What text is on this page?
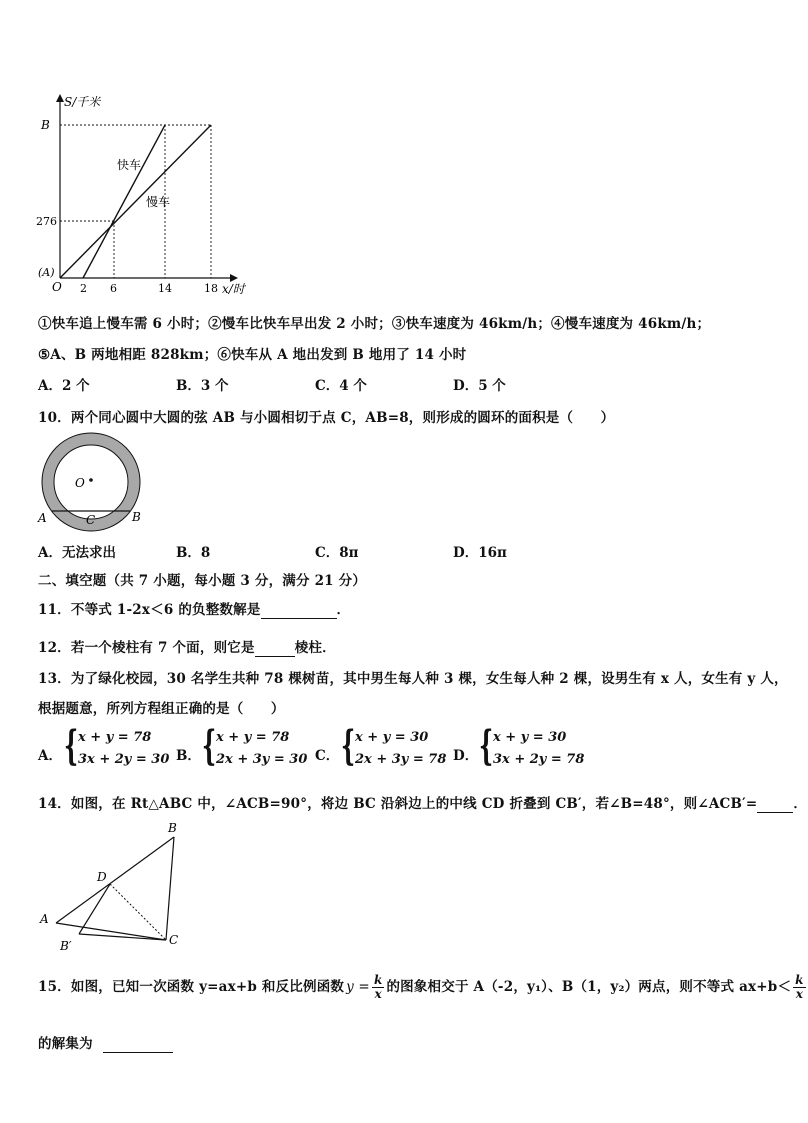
S/千米
x/时
B
(A)
O
276
2 6	14	18
快车
慢车
①快车追上慢车需 6 小时；②慢车比快车早出发 2 小时；③快车速度为 46km/h；④慢车速度为 46km/h；
⑤A、B 两地相距 828km；⑥快车从 A 地出发到 B 地用了 14 小时
A．2 个	B．3 个	C．4 个	D．5 个
10．两个同心圆中大圆的弦 AB 与小圆相切于点 C，AB=8，则形成的圆环的面积是（　　）
O
A	C	B
A．无法求出	B．8	C．8π	D．16π
二、填空题（共 7 小题，每小题 3 分，满分 21 分）
11．不等式 1-2x＜6 的负整数解是	．
12．若一个棱柱有 7 个面，则它是	棱柱．
13．为了绿化校园，30 名学生共种 78 棵树苗，其中男生每人种 3 棵，女生每人种 2 棵，设男生有 x 人，女生有 y 人，
根据题意，所列方程组正确的是（　　）
A． { x + y = 78
3x + 2y = 30 B． { x + y = 78
2x + 3y = 30 C． { x + y = 30
2x + 3y = 78 D． { x + y = 30
3x + 2y = 78
14．如图，在 Rt△ABC 中，∠ACB=90°，将边 BC 沿斜边上的中线 CD 折叠到 CB′，若∠B=48°，则∠ACB′=	．
B
D
A
B′	C
15．如图，已知一次函数 y=ax+b 和反比例函数 $y = \frac{k}{x}$ 的图象相交于 A（-2，y₁）、B（1，y₂）两点，则不等式 $ax+b< \frac{k}{x}$
的解集为
